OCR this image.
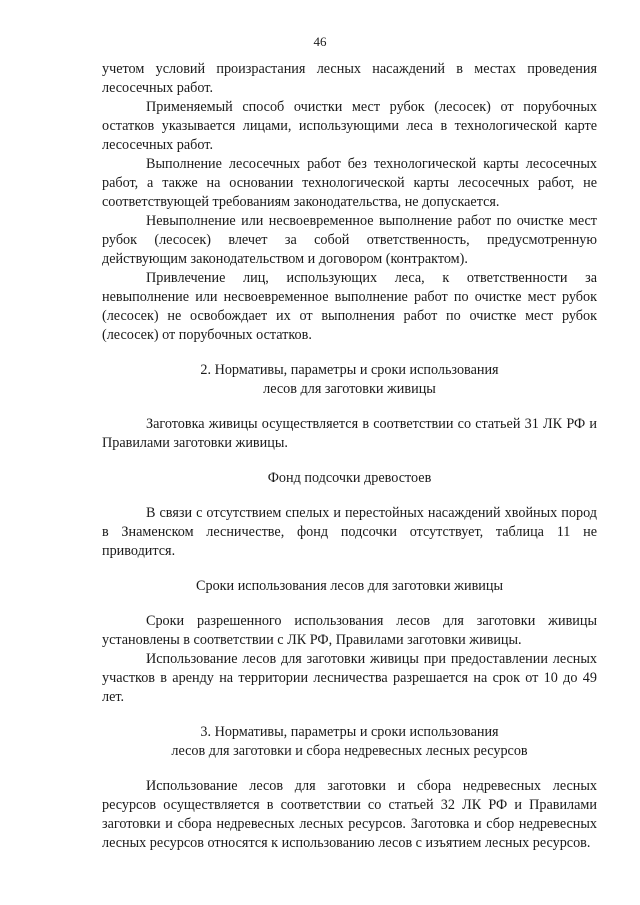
46

учетом условий произрастания лесных насаждений в местах проведения лесосечных работ.

Применяемый способ очистки мест рубок (лесосек) от порубочных остатков указывается лицами, использующими леса в технологической карте лесосечных работ.

Выполнение лесосечных работ без технологической карты лесосечных работ, а также на основании технологической карты лесосечных работ, не соответствующей требованиям законодательства, не допускается.

Невыполнение или несвоевременное выполнение работ по очистке мест рубок (лесосек) влечет за собой ответственность, предусмотренную действующим законодательством и договором (контрактом).

Привлечение лиц, использующих леса, к ответственности за невыполнение или несвоевременное выполнение работ по очистке мест рубок (лесосек) не освобождает их от выполнения работ по очистке мест рубок (лесосек) от порубочных остатков.

2. Нормативы, параметры и сроки использования
лесов для заготовки живицы

Заготовка живицы осуществляется в соответствии со статьей 31 ЛК РФ и Правилами заготовки живицы.

Фонд подсочки древостоев

В связи с отсутствием спелых и перестойных насаждений хвойных пород в Знаменском лесничестве, фонд подсочки отсутствует, таблица 11 не приводится.

Сроки использования лесов для заготовки живицы

Сроки разрешенного использования лесов для заготовки живицы установлены в соответствии с ЛК РФ, Правилами заготовки живицы.

Использование лесов для заготовки живицы при предоставлении лесных участков в аренду на территории лесничества разрешается на срок от 10 до 49 лет.

3. Нормативы, параметры и сроки использования
лесов для заготовки и сбора недревесных лесных ресурсов

Использование лесов для заготовки и сбора недревесных лесных ресурсов осуществляется в соответствии со статьей 32 ЛК РФ и Правилами заготовки и сбора недревесных лесных ресурсов. Заготовка и сбор недревесных лесных ресурсов относятся к использованию лесов с изъятием лесных ресурсов.
